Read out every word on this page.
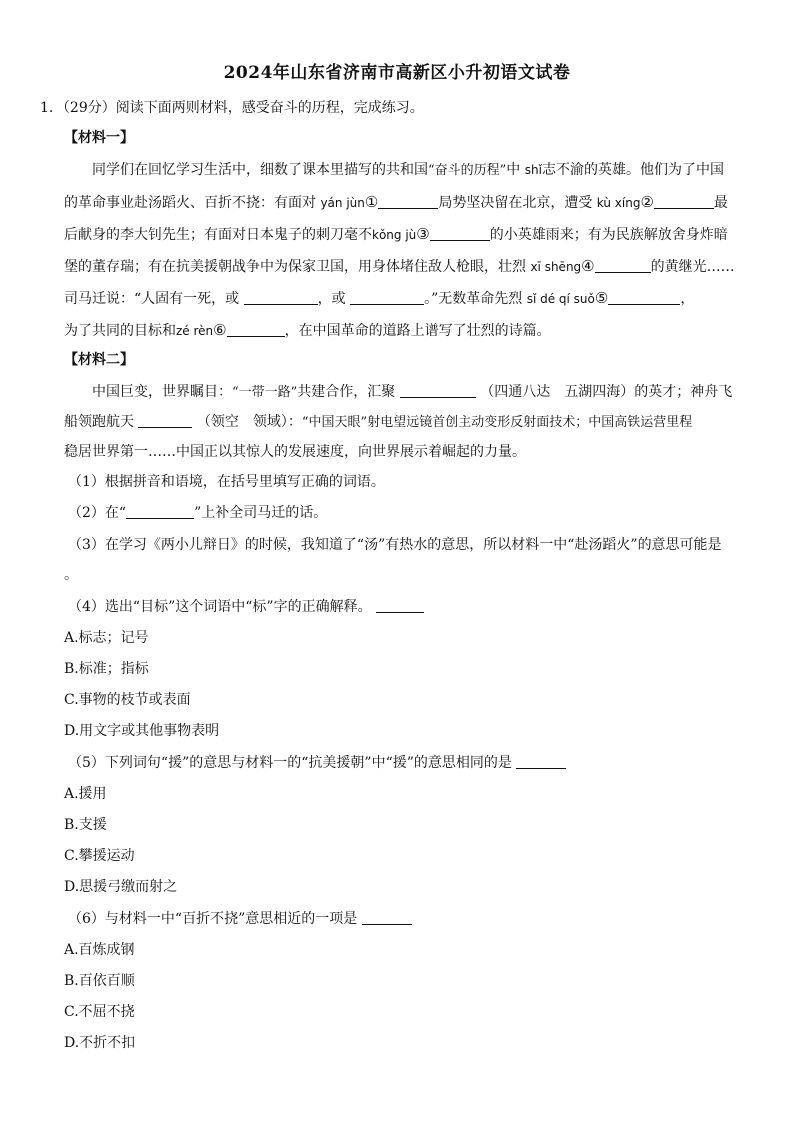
2024年山东省济南市高新区小升初语文试卷
1．（29分）阅读下面两则材料，感受奋斗的历程，完成练习。
【材料一】
同学们在回忆学习生活中，细数了课本里描写的共和国“奋斗的历程”中 shǐ志不渝的英雄。他们为了中国
的革命事业赴汤蹈火、百折不挠：有面对 yán jùn①	局势坚决留在北京，遭受 kù xíng②	最
后献身的李大钊先生；有面对日本鬼子的刺刀毫不kǒng jù③	的小英雄雨来；有为民族解放舍身炸暗
堡的董存瑞；有在抗美援朝战争中为保家卫国，用身体堵住敌人枪眼，壮烈 xī shēng④	的黄继光……
司马迁说：“人固有一死，或	，或	。”无数革命先烈 sǐ dé qí suǒ⑤	，
为了共同的目标和zé rèn⑥	，在中国革命的道路上谱写了壮烈的诗篇。
【材料二】
中国巨变，世界瞩目：“一带一路”共建合作，汇聚	（四通八达　五湖四海）的英才；神舟飞
船领跑航天	（领空　领域）：“中国天眼”射电望远镜首创主动变形反射面技术；中国高铁运营里程
稳居世界第一……中国正以其惊人的发展速度，向世界展示着崛起的力量。
（1）根据拼音和语境，在括号里填写正确的词语。
（2）在“	”上补全司马迁的话。
（3）在学习《两小儿辩日》的时候，我知道了“汤”有热水的意思，所以材料一中“赴汤蹈火”的意思可能是
。
（4）选出“目标”这个词语中“标”字的正确解释。
A.标志；记号
B.标准；指标
C.事物的枝节或表面
D.用文字或其他事物表明
（5）下列词句“援”的意思与材料一的“抗美援朝”中“援”的意思相同的是
A.援用
B.支援
C.攀援运动
D.思援弓缴而射之
（6）与材料一中“百折不挠”意思相近的一项是
A.百炼成钢
B.百依百顺
C.不屈不挠
D.不折不扣
